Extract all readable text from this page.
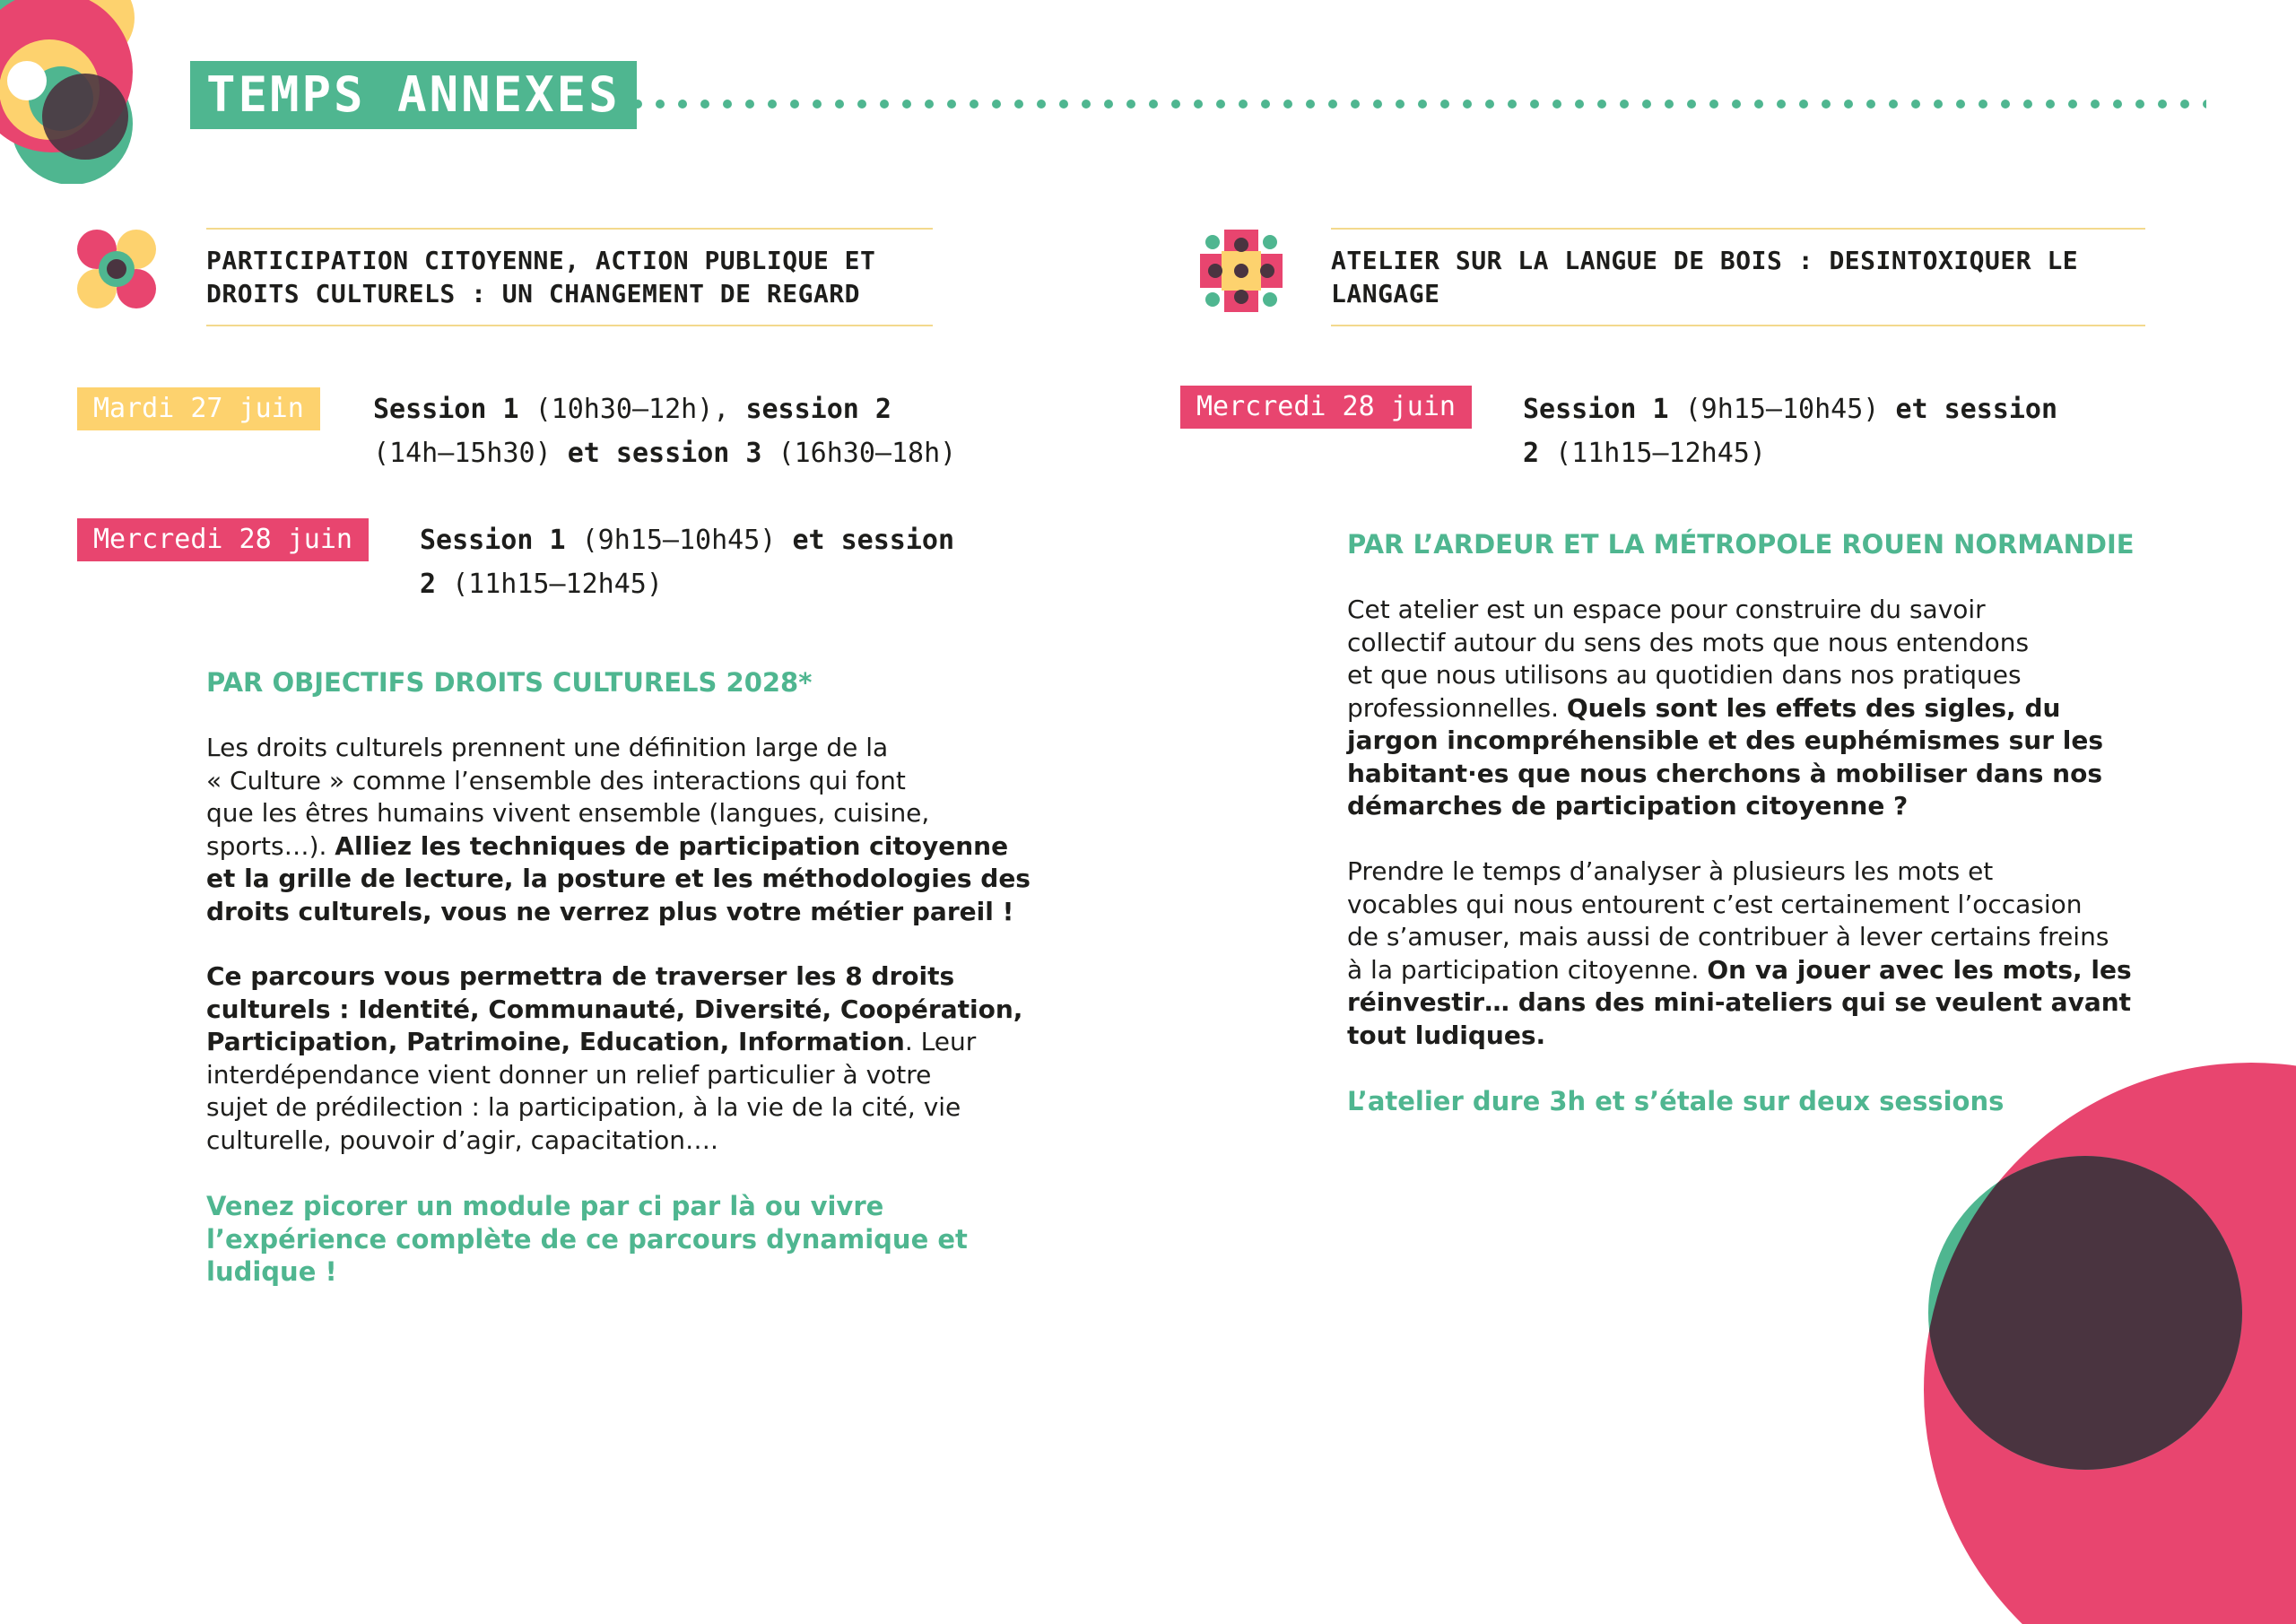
TEMPS ANNEXES
PARTICIPATION CITOYENNE, ACTION PUBLIQUE ET
DROITS CULTURELS : UN CHANGEMENT DE REGARD
Mardi 27 juin	Session 1 (10h30–12h), session 2
(14h–15h30) et session 3 (16h30–18h)
Mercredi 28 juin	Session 1 (9h15–10h45) et session
2 (11h15–12h45)
PAR OBJECTIFS DROITS CULTURELS 2028*
Les droits culturels prennent une définition large de la
« Culture » comme l’ensemble des interactions qui font
que les êtres humains vivent ensemble (langues, cuisine,
sports…). Alliez les techniques de participation citoyenne
et la grille de lecture, la posture et les méthodologies des
droits culturels, vous ne verrez plus votre métier pareil !
Ce parcours vous permettra de traverser les 8 droits
culturels : Identité, Communauté, Diversité, Coopération,
Participation, Patrimoine, Education, Information. Leur
interdépendance vient donner un relief particulier à votre
sujet de prédilection : la participation, à la vie de la cité, vie
culturelle, pouvoir d’agir, capacitation….
Venez picorer un module par ci par là ou vivre
l’expérience complète de ce parcours dynamique et
ludique !
ATELIER SUR LA LANGUE DE BOIS : DESINTOXIQUER LE
LANGAGE
Mercredi 28 juin	Session 1 (9h15–10h45) et session
2 (11h15–12h45)
PAR L’ARDEUR ET LA MÉTROPOLE ROUEN NORMANDIE
Cet atelier est un espace pour construire du savoir
collectif autour du sens des mots que nous entendons
et que nous utilisons au quotidien dans nos pratiques
professionnelles. Quels sont les effets des sigles, du
jargon incompréhensible et des euphémismes sur les
habitant·es que nous cherchons à mobiliser dans nos
démarches de participation citoyenne ?
Prendre le temps d’analyser à plusieurs les mots et
vocables qui nous entourent c’est certainement l’occasion
de s’amuser, mais aussi de contribuer à lever certains freins
à la participation citoyenne. On va jouer avec les mots, les
réinvestir… dans des mini-ateliers qui se veulent avant
tout ludiques.
L’atelier dure 3h et s’étale sur deux sessions
